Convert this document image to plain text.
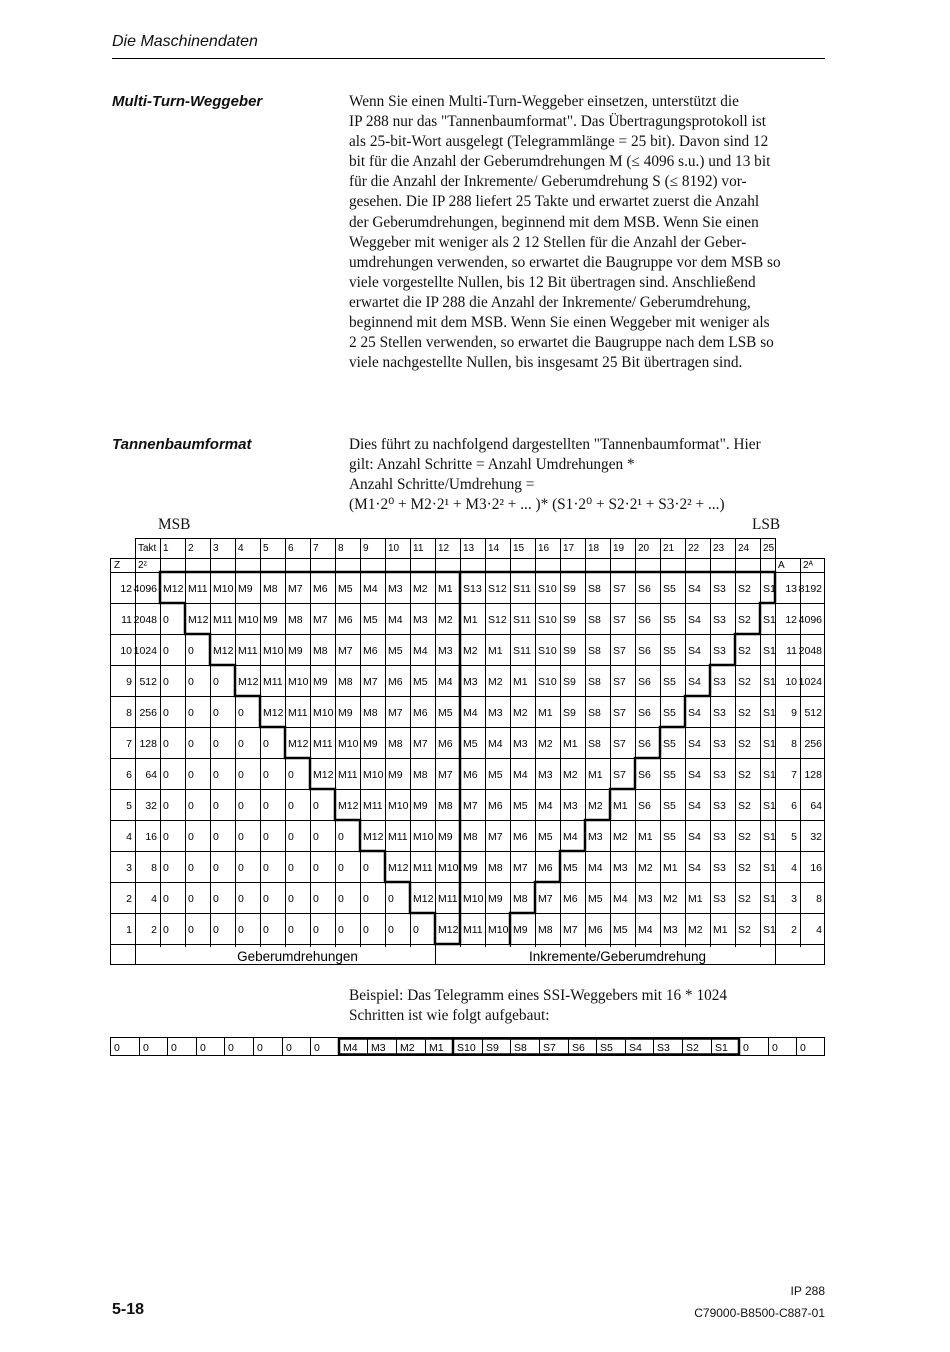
Die Maschinendaten
Multi-Turn-Weggeber	Wenn Sie einen Multi-Turn-Weggeber einsetzen, unterstützt die
IP 288 nur das "Tannenbaumformat". Das Übertragungsprotokoll ist
als 25-bit-Wort ausgelegt (Telegrammlänge = 25 bit). Davon sind 12
bit für die Anzahl der Geberumdrehungen M (≤ 4096 s.u.) und 13 bit
für die Anzahl der Inkremente/ Geberumdrehung S (≤ 8192) vor-
gesehen. Die IP 288 liefert 25 Takte und erwartet zuerst die Anzahl
der Geberumdrehungen, beginnend mit dem MSB. Wenn Sie einen
Weggeber mit weniger als 2 12 Stellen für die Anzahl der Geber-
umdrehungen verwenden, so erwartet die Baugruppe vor dem MSB so
viele vorgestellte Nullen, bis 12 Bit übertragen sind. Anschließend
erwartet die IP 288 die Anzahl der Inkremente/ Geberumdrehung,
beginnend mit dem MSB. Wenn Sie einen Weggeber mit weniger als
2 25 Stellen verwenden, so erwartet die Baugruppe nach dem LSB so
viele nachgestellte Nullen, bis insgesamt 25 Bit übertragen sind.
Tannenbaumformat	Dies führt zu nachfolgend dargestellten "Tannenbaumformat". Hier
gilt: Anzahl Schritte = Anzahl Umdrehungen *
Anzahl Schritte/Umdrehung =
(M1·2⁰ + M2·2¹ + M3·2² + ... )* (S1·2⁰ + S2·2¹ + S3·2² + ...)
MSB	LSB
Takt 1 2 3 4 5 6 7 8 9 10 11 12 13 14 15 16 17 18 19 20 21 22 23 24 25
Z 2ᶻ	A 2ᴬ
12 4096 M12 M11 M10 M9 M8 M7 M6 M5 M4 M3 M2 M1 S13 S12 S11 S10 S9 S8 S7 S6 S5 S4 S3 S2 S1 13 8192
11 2048 0 M12 M11 M10 M9 M8 M7 M6 M5 M4 M3 M2 M1 S12 S11 S10 S9 S8 S7 S6 S5 S4 S3 S2 S1 12 4096
10 1024 0 0 M12 M11 M10 M9 M8 M7 M6 M5 M4 M3 M2 M1 S11 S10 S9 S8 S7 S6 S5 S4 S3 S2 S1 11 2048
9 512 0 0 0 M12 M11 M10 M9 M8 M7 M6 M5 M4 M3 M2 M1 S10 S9 S8 S7 S6 S5 S4 S3 S2 S1 10 1024
8 256 0 0 0 0 M12 M11 M10 M9 M8 M7 M6 M5 M4 M3 M2 M1 S9 S8 S7 S6 S5 S4 S3 S2 S1 9 512
7 128 0 0 0 0 0 M12 M11 M10 M9 M8 M7 M6 M5 M4 M3 M2 M1 S8 S7 S6 S5 S4 S3 S2 S1 8 256
6 64 0 0 0 0 0 0 M12 M11 M10 M9 M8 M7 M6 M5 M4 M3 M2 M1 S7 S6 S5 S4 S3 S2 S1 7 128
5 32 0 0 0 0 0 0 0 M12 M11 M10 M9 M8 M7 M6 M5 M4 M3 M2 M1 S6 S5 S4 S3 S2 S1 6 64
4 16 0 0 0 0 0 0 0 0 M12 M11 M10 M9 M8 M7 M6 M5 M4 M3 M2 M1 S5 S4 S3 S2 S1 5 32
3 8 0 0 0 0 0 0 0 0 0 M12 M11 M10 M9 M8 M7 M6 M5 M4 M3 M2 M1 S4 S3 S2 S1 4 16
2 4 0 0 0 0 0 0 0 0 0 0 M12 M11 M10 M9 M8 M7 M6 M5 M4 M3 M2 M1 S3 S2 S1 3 8
1 2 0 0 0 0 0 0 0 0 0 0 0 M12 M11 M10 M9 M8 M7 M6 M5 M4 M3 M2 M1 S2 S1 2 4
Geberumdrehungen	Inkremente/Geberumdrehung
Beispiel: Das Telegramm eines SSI-Weggebers mit 16 * 1024
Schritten ist wie folgt aufgebaut:
0 0 0 0 0 0 0 0 M4 M3 M2 M1 S10 S9 S8 S7 S6 S5 S4 S3 S2 S1 0 0 0
IP 288
C79000-B8500-C887-01
5-18
